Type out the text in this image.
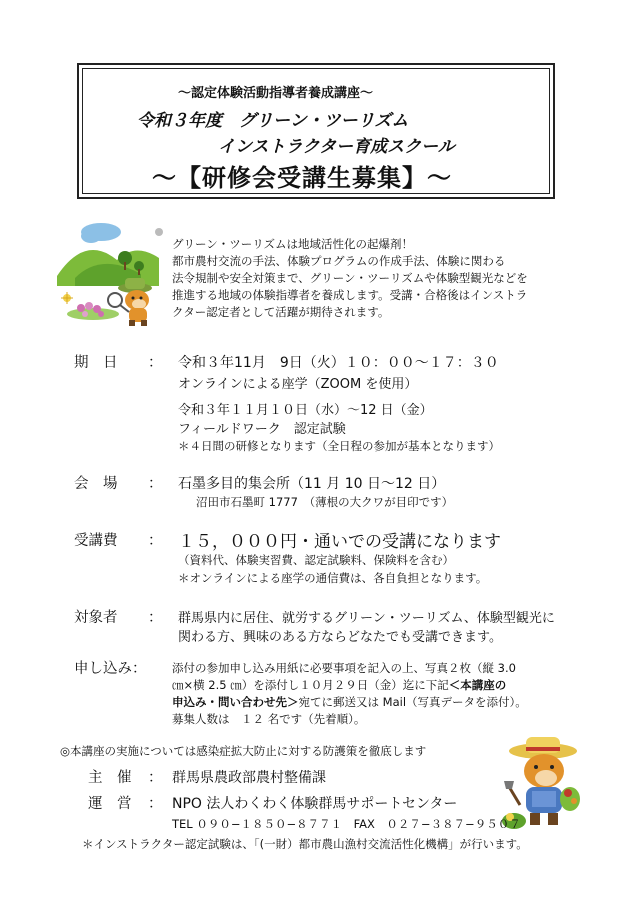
〜認定体験活動指導者養成講座〜
令和３年度　グリーン・ツーリズム
インストラクター育成スクール
〜【研修会受講生募集】〜
グリーン・ツーリズムは地域活性化の起爆剤！
都市農村交流の手法、体験プログラムの作成手法、体験に関わる
法令規制や安全対策まで、グリーン・ツーリズムや体験型観光などを
推進する地域の体験指導者を養成します。受講・合格後はインストラ
クター認定者として活躍が期待されます。
期　日 ： 令和３年11月　9日（火）１０：００〜１７：３０
オンラインによる座学（ZOOM を使用）
令和３年１１月１０日（水）〜12 日（金）
フィールドワーク　認定試験
＊４日間の研修となります（全日程の参加が基本となります）
会　場 ： 石墨多目的集会所（11 月 10 日〜12 日）
沼田市石墨町 1777　（薄根の大クワが目印です）
受講費 ： １５，０００円・通いでの受講になります
（資料代、体験実習費、認定試験料、保険料を含む）
＊オンラインによる座学の通信費は、各自負担となります。
対象者 ： 群馬県内に居住、就労するグリーン・ツーリズム、体験型観光に
関わる方、興味のある方ならどなたでも受講できます。
申し込み： 添付の参加申し込み用紙に必要事項を記入の上、写真２枚（縦 3.0
㎝×横 2.5 ㎝）を添付し１０月２９日（金）迄に下記＜本講座の
申込み・問い合わせ先＞宛てに郵送又は Mail（写真データを添付）。
募集人数は　１２ 名です（先着順）。
◎本講座の実施については感染症拡大防止に対する防護策を徹底します
主　催 ： 群馬県農政部農村整備課
運　営 ： NPO 法人わくわく体験群馬サポートセンター
TEL ０９０−１８５０−８７７１　FAX　０２７−３８７−９５０７
＊インストラクター認定試験は、「(一財）都市農山漁村交流活性化機構」が行います。
